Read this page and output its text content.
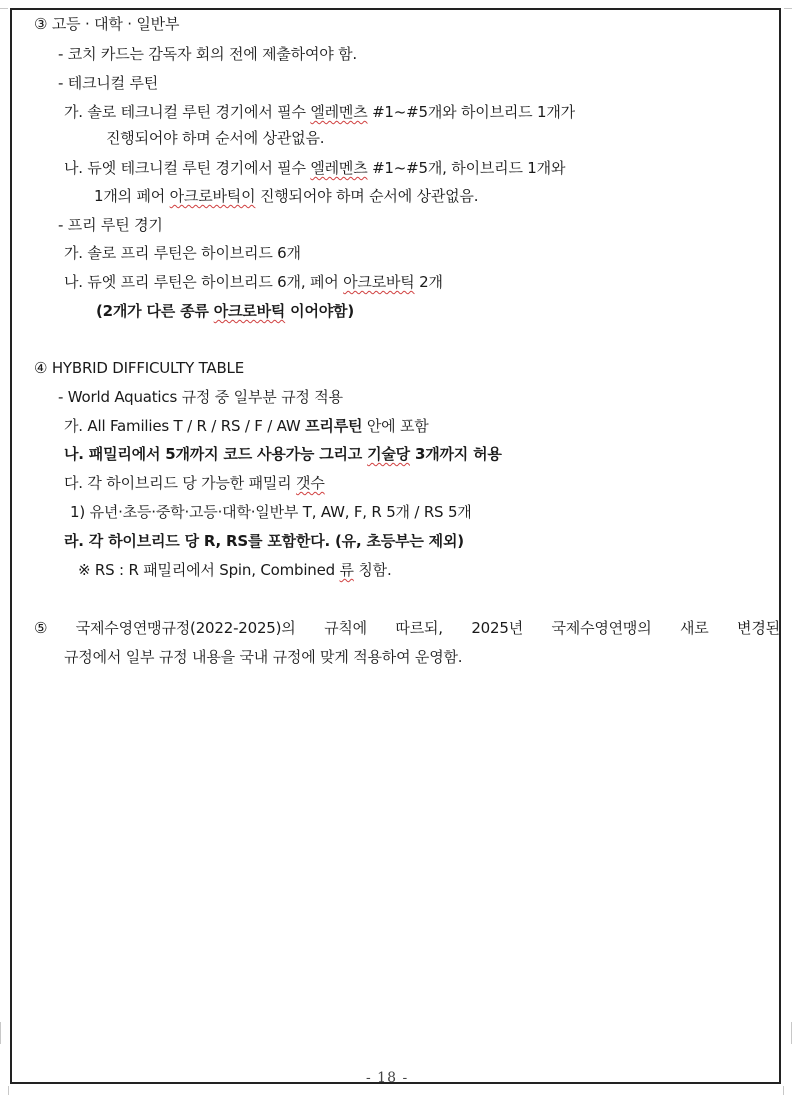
③ 고등 · 대학 · 일반부
- 코치 카드는 감독자 회의 전에 제출하여야 함.
- 테크니컬 루틴
가. 솔로 테크니컬 루틴 경기에서 필수 엘레멘츠 #1~#5개와 하이브리드 1개가
진행되어야 하며 순서에 상관없음.
나. 듀엣 테크니컬 루틴 경기에서 필수 엘레멘츠 #1~#5개, 하이브리드 1개와
1개의 페어 아크로바틱이 진행되어야 하며 순서에 상관없음.
- 프리 루틴 경기
가. 솔로 프리 루틴은 하이브리드 6개
나. 듀엣 프리 루틴은 하이브리드 6개, 페어 아크로바틱 2개
(2개가 다른 종류 아크로바틱 이어야함)
④ HYBRID DIFFICULTY TABLE
- World Aquatics 규정 중 일부분 규정 적용
가. All Families T / R / RS / F / AW 프리루틴 안에 포함
나. 패밀리에서 5개까지 코드 사용가능 그리고 기술당 3개까지 허용
다. 각 하이브리드 당 가능한 패밀리 갯수
1) 유년·초등·중학·고등·대학·일반부 T, AW, F, R 5개 / RS 5개
라. 각 하이브리드 당 R, RS를 포함한다. (유, 초등부는 제외)
※ RS : R 패밀리에서 Spin, Combined 류 칭함.
⑤ 국제수영연맹규정(2022-2025)의 규칙에 따르되, 2025년 국제수영연맹의 새로 변경된
규정에서 일부 규정 내용을 국내 규정에 맞게 적용하여 운영함.
- 18 -
